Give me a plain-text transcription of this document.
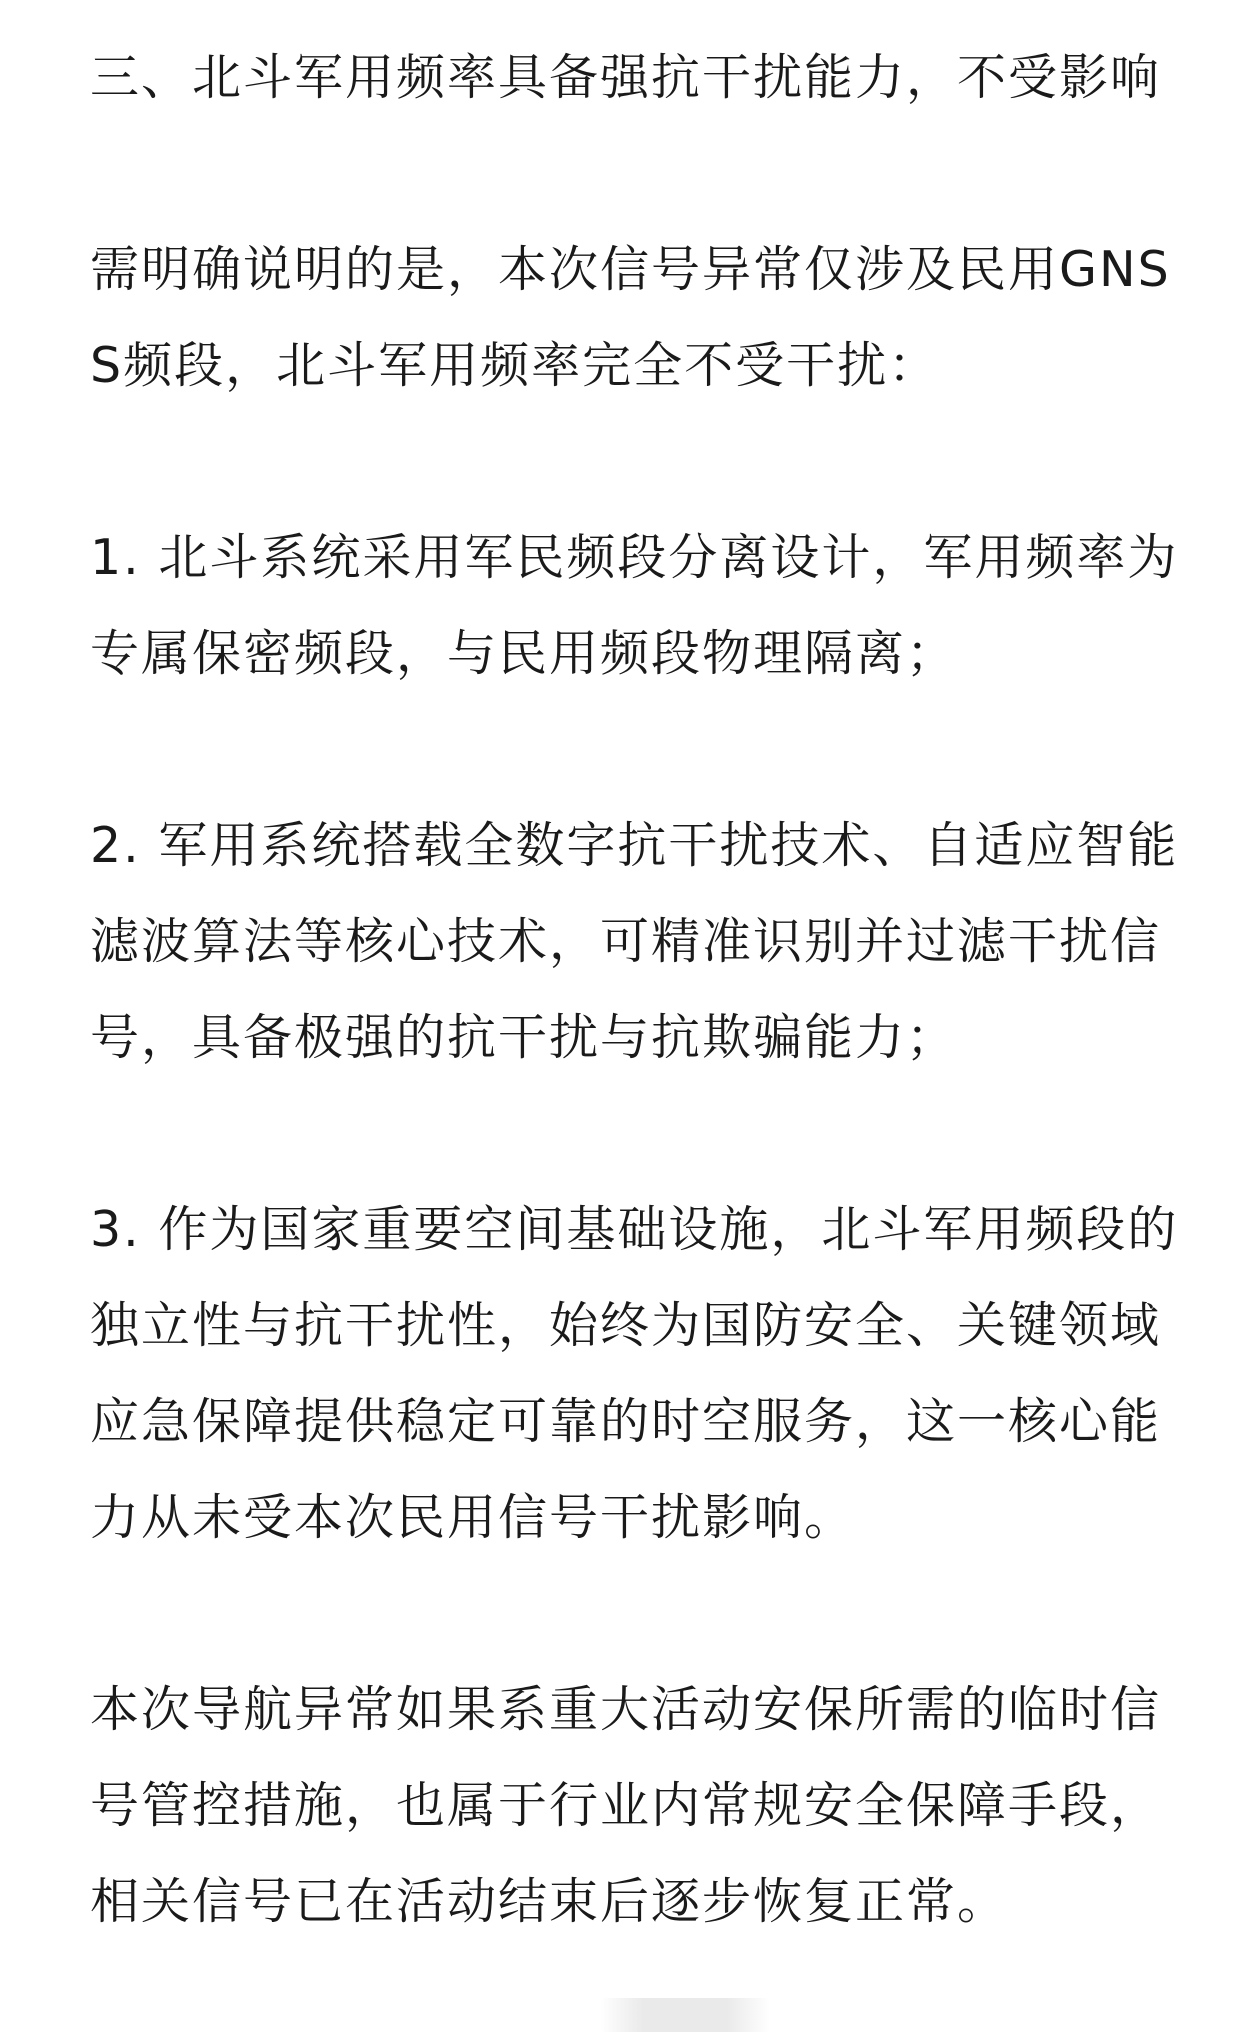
三、北斗军用频率具备强抗干扰能力，不受影响

需明确说明的是，本次信号异常仅涉及民用GNSS频段，北斗军用频率完全不受干扰：

1. 北斗系统采用军民频段分离设计，军用频率为专属保密频段，与民用频段物理隔离；

2. 军用系统搭载全数字抗干扰技术、自适应智能滤波算法等核心技术，可精准识别并过滤干扰信号，具备极强的抗干扰与抗欺骗能力；

3. 作为国家重要空间基础设施，北斗军用频段的独立性与抗干扰性，始终为国防安全、关键领域应急保障提供稳定可靠的时空服务，这一核心能力从未受本次民用信号干扰影响。

本次导航异常如果系重大活动安保所需的临时信号管控措施，也属于行业内常规安全保障手段，相关信号已在活动结束后逐步恢复正常。
